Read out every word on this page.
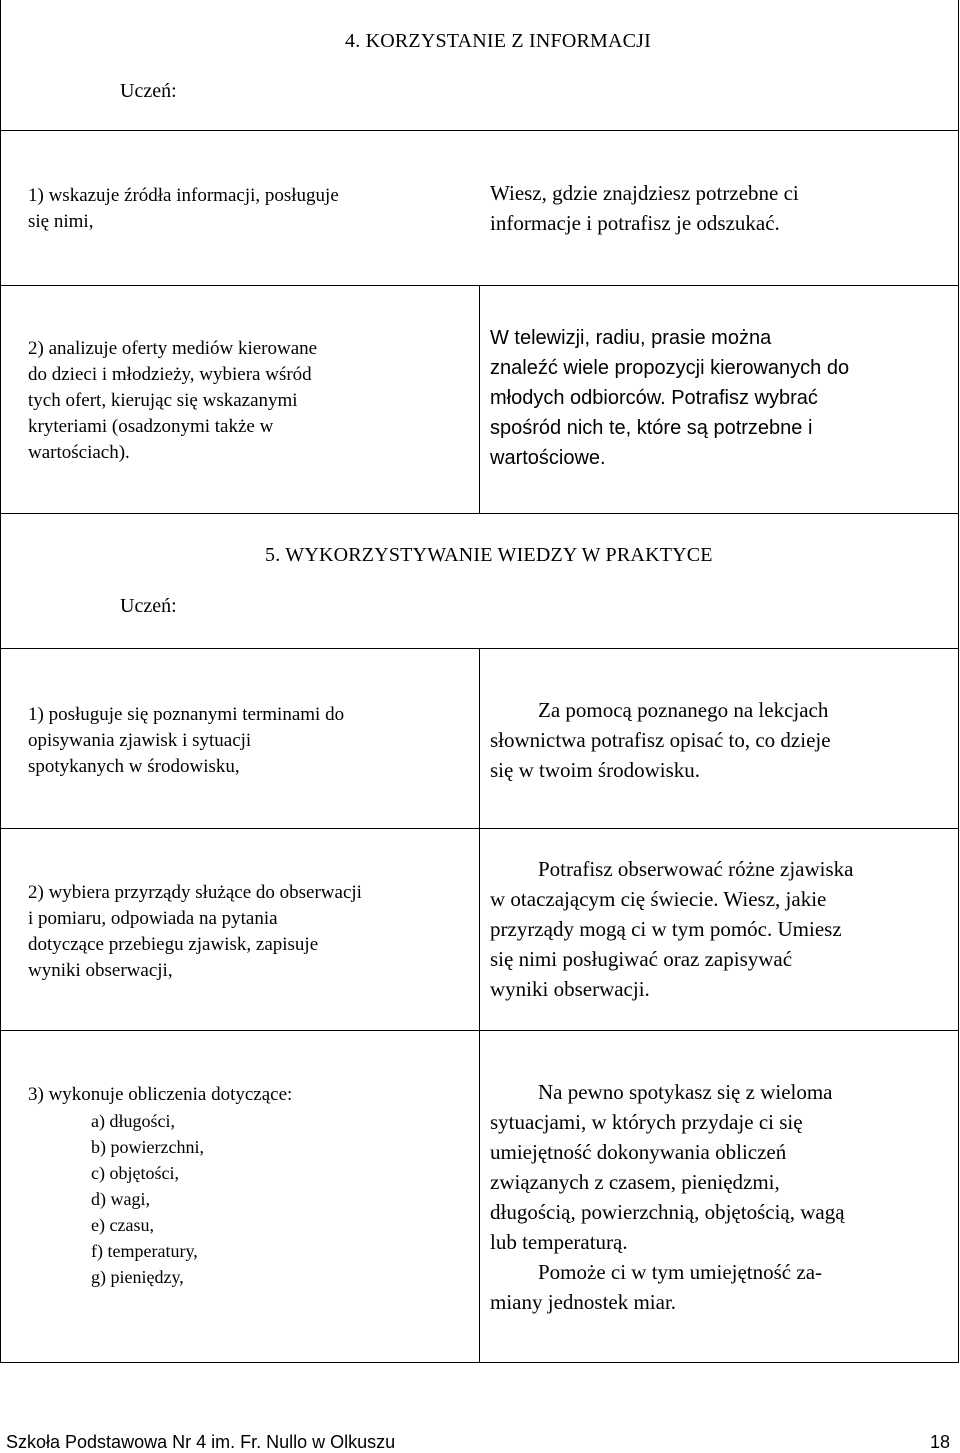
4. KORZYSTANIE Z INFORMACJI
Uczeń:
1) wskazuje źródła informacji, posługuje
się nimi,
Wiesz, gdzie znajdziesz potrzebne ci
informacje i potrafisz je odszukać.
2) analizuje oferty mediów kierowane
do dzieci i młodzieży, wybiera wśród
tych ofert, kierując się wskazanymi
kryteriami (osadzonymi także w
wartościach).
W telewizji, radiu, prasie można
znaleźć wiele propozycji kierowanych do
młodych odbiorców. Potrafisz wybrać
spośród nich te, które są potrzebne i
wartościowe.
5. WYKORZYSTYWANIE WIEDZY W PRAKTYCE
Uczeń:
1) posługuje się poznanymi terminami do
opisywania zjawisk i sytuacji
spotykanych w środowisku,
Za pomocą poznanego na lekcjach
słownictwa potrafisz opisać to, co dzieje
się w twoim środowisku.
2) wybiera przyrządy służące do obserwacji
i pomiaru, odpowiada na pytania
dotyczące przebiegu zjawisk, zapisuje
wyniki obserwacji,
Potrafisz obserwować różne zjawiska
w otaczającym cię świecie. Wiesz, jakie
przyrządy mogą ci w tym pomóc. Umiesz
się nimi posługiwać oraz zapisywać
wyniki obserwacji.
3) wykonuje obliczenia dotyczące:
a) długości,
b) powierzchni,
c) objętości,
d) wagi,
e) czasu,
f) temperatury,
g) pieniędzy,
Na pewno spotykasz się z wieloma
sytuacjami, w których przydaje ci się
umiejętność dokonywania obliczeń
związanych z czasem, pieniędzmi,
długością, powierzchnią, objętością, wagą
lub temperaturą.
Pomoże ci w tym umiejętność za-
miany jednostek miar.
Szkoła Podstawowa Nr 4 im. Fr. Nullo w Olkuszu	18
